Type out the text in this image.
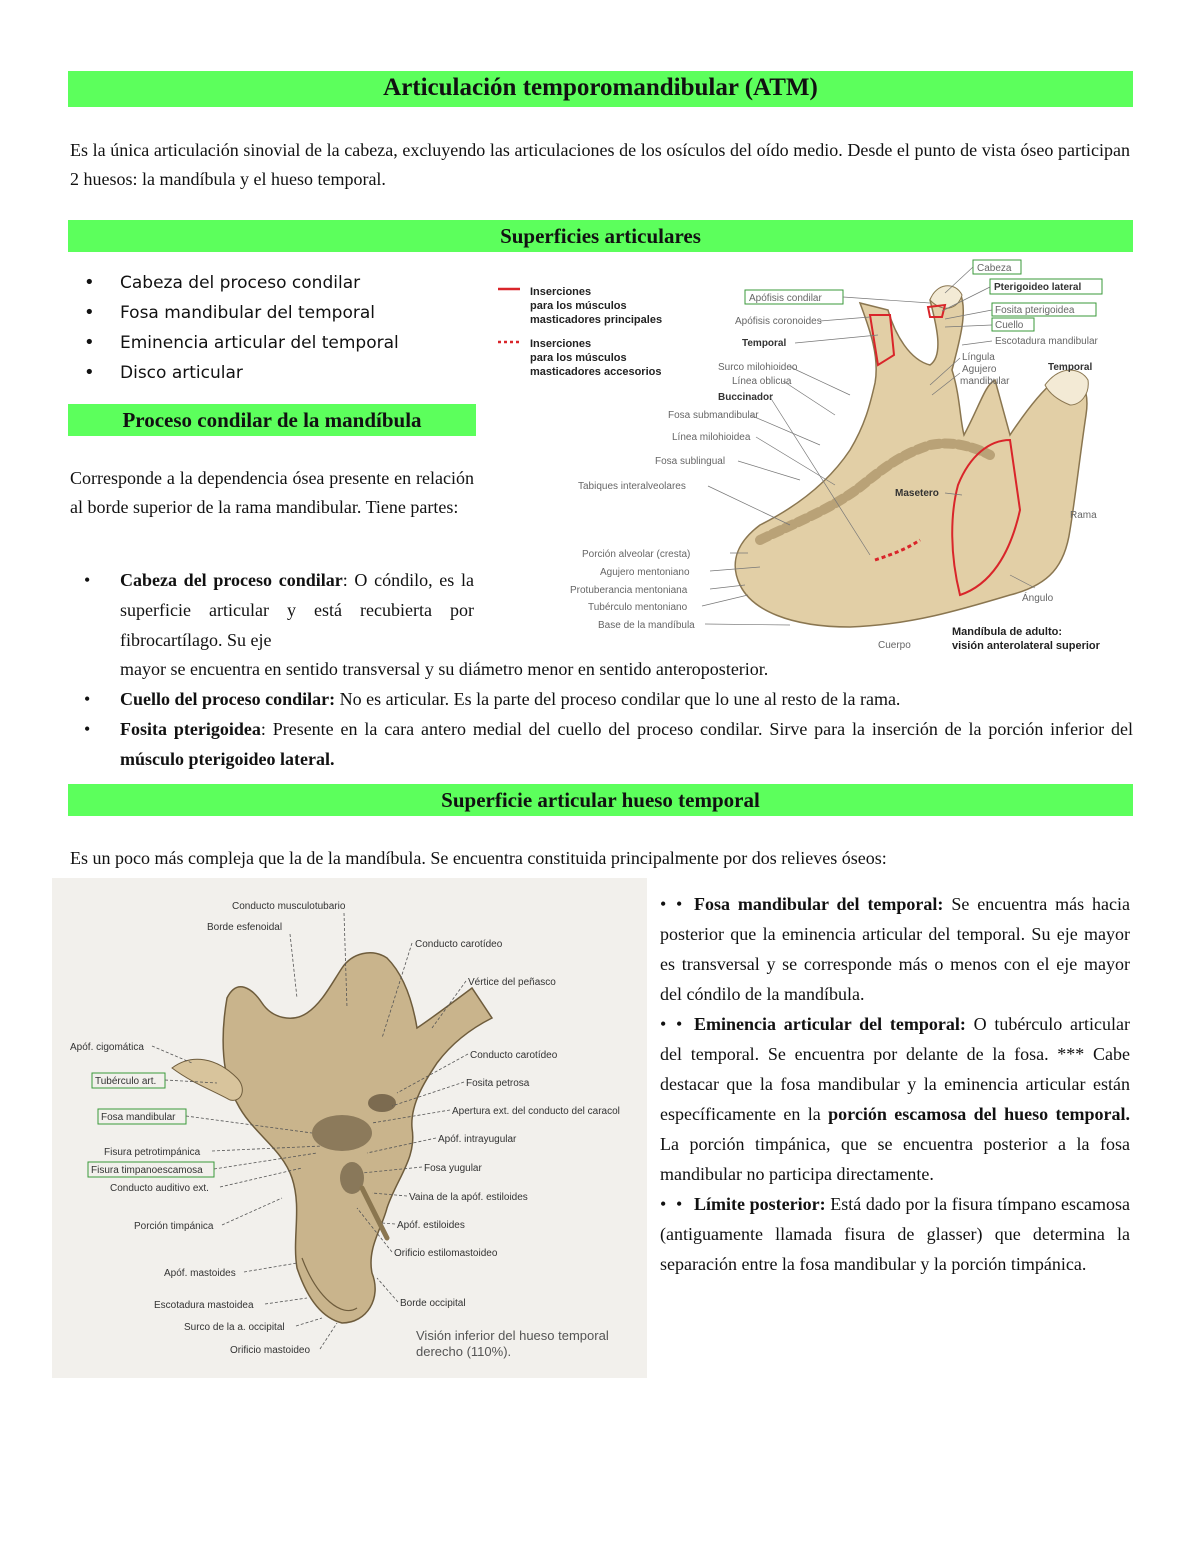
Articulación temporomandibular (ATM)

Es la única articulación sinovial de la cabeza, excluyendo las articulaciones de los osículos del oído medio. Desde el punto de vista óseo participan 2 huesos: la mandíbula y el hueso temporal.

Superficies articulares
• Cabeza del proceso condilar
• Fosa mandibular del temporal
• Eminencia articular del temporal
• Disco articular
Proceso condilar de la mandíbula

Corresponde a la dependencia ósea presente en relación al borde superior de la rama mandibular. Tiene partes:

• Cabeza del proceso condilar: O cóndilo, es la superficie articular y está recubierta por fibrocartílago. Su eje
mayor se encuentra en sentido transversal y su diámetro menor en sentido anteroposterior.
• Cuello del proceso condilar: No es articular. Es la parte del proceso condilar que lo une al resto de la rama.
• Fosita pterigoidea: Presente en la cara antero medial del cuello del proceso condilar. Sirve para la inserción de la porción inferior del músculo pterigoideo lateral.
Superficie articular hueso temporal

Es un poco más compleja que la de la mandíbula. Se encuentra constituida principalmente por dos relieves óseos:

• • Fosa mandibular del temporal: Se encuentra más hacia posterior que la eminencia articular del temporal. Su eje mayor es transversal y se corresponde más o menos con el eje mayor del cóndilo de la mandíbula.
• • Eminencia articular del temporal: O tubérculo articular del temporal. Se encuentra por delante de la fosa. *** Cabe destacar que la fosa mandibular y la eminencia articular están específicamente en la porción escamosa del hueso temporal. La porción timpánica, que se encuentra posterior a la fosa mandibular no participa directamente.
• • Límite posterior: Está dado por la fisura tímpano escamosa (antiguamente llamada fisura de glasser) que determina la separación entre la fosa mandibular y la porción timpánica.
Inserciones
para los músculos
masticadores principales
Inserciones
para los músculos
masticadores accesorios
Apófisis condilar
Apófisis coronoides
Temporal
Surco milohioideo
Línea oblicua
Buccinador
Fosa submandibular
Línea milohioidea
Fosa sublingual
Tabiques interalveolares
Porción alveolar (cresta)
Agujero mentoniano
Protuberancia mentoniana
Tubérculo mentoniano
Base de la mandíbula
Cabeza
Pterigoideo lateral
Fosita pterigoidea
Cuello
Escotadura mandibular
Língula
Agujero
mandibular
Temporal
Masetero
Rama
Ángulo
Cuerpo
Mandíbula de adulto:
visión anterolateral superior
Conducto musculotubario
Borde esfenoidal
Apóf. cigomática
Tubérculo art.
Fosa mandibular
Fisura petrotimpánica
Fisura timpanoescamosa
Conducto auditivo ext.
Porción timpánica
Apóf. mastoides
Escotadura mastoidea
Surco de la a. occipital
Orificio mastoideo
Conducto carotídeo
Vértice del peñasco
Conducto carotídeo
Fosita petrosa
Apertura ext. del conducto del caracol
Apóf. intrayugular
Fosa yugular
Vaina de la apóf. estiloides
Apóf. estiloides
Orificio estilomastoideo
Borde occipital
Visión inferior del hueso temporal
derecho (110%).
